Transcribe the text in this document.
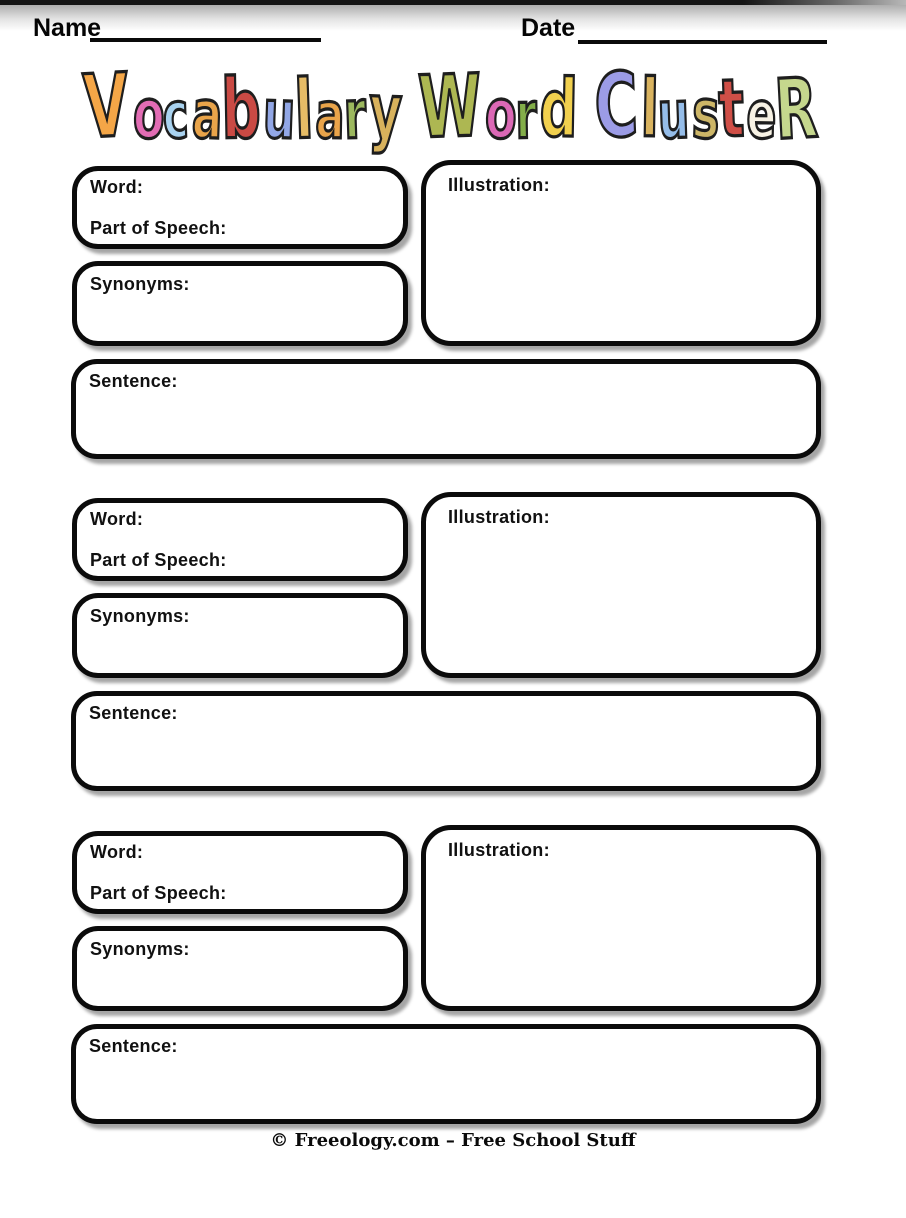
Name	Date
V o
c a
b u
l a
r y W o
r d C l
u s
t e
R
Illustration:
Word:
Part of Speech:
Synonyms:
Sentence:
Illustration:
Word:
Part of Speech:
Synonyms:
Sentence:
Illustration:
Word:
Part of Speech:
Synonyms:
Sentence:
© Freeology.com – Free School Stuff
